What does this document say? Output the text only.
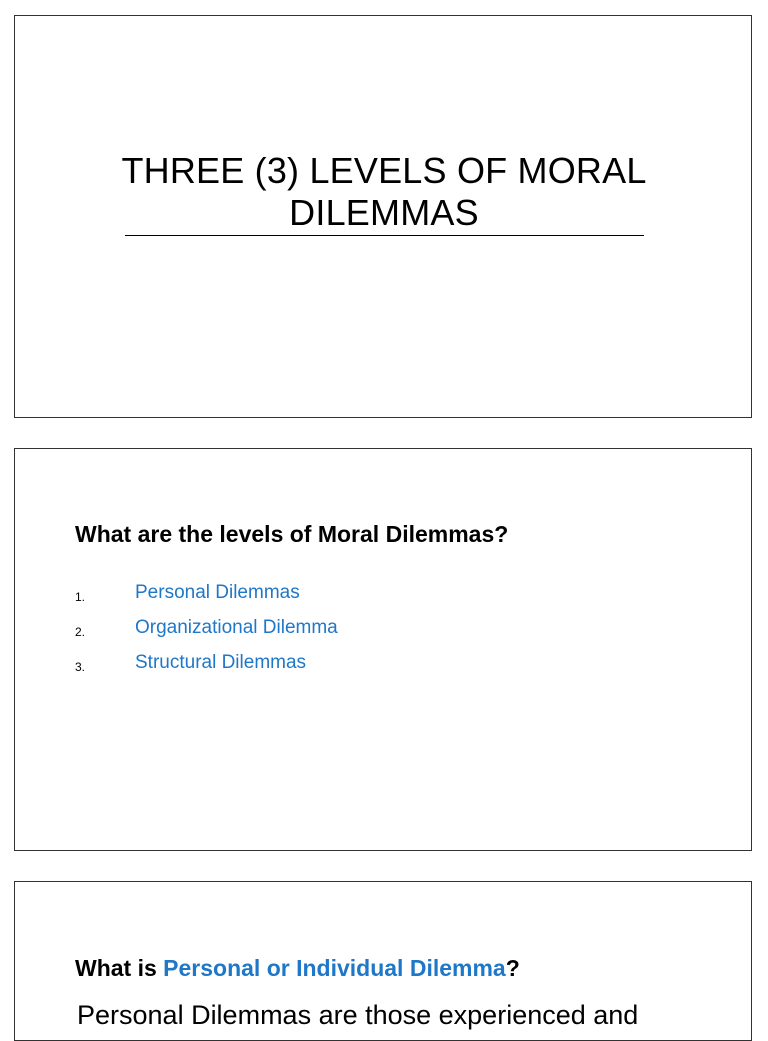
THREE (3) LEVELS OF MORAL
DILEMMAS
What are the levels of Moral Dilemmas?
1.	Personal Dilemmas
2.	Organizational Dilemma
3.	Structural Dilemmas
What is Personal or Individual Dilemma?
Personal Dilemmas are those experienced and
